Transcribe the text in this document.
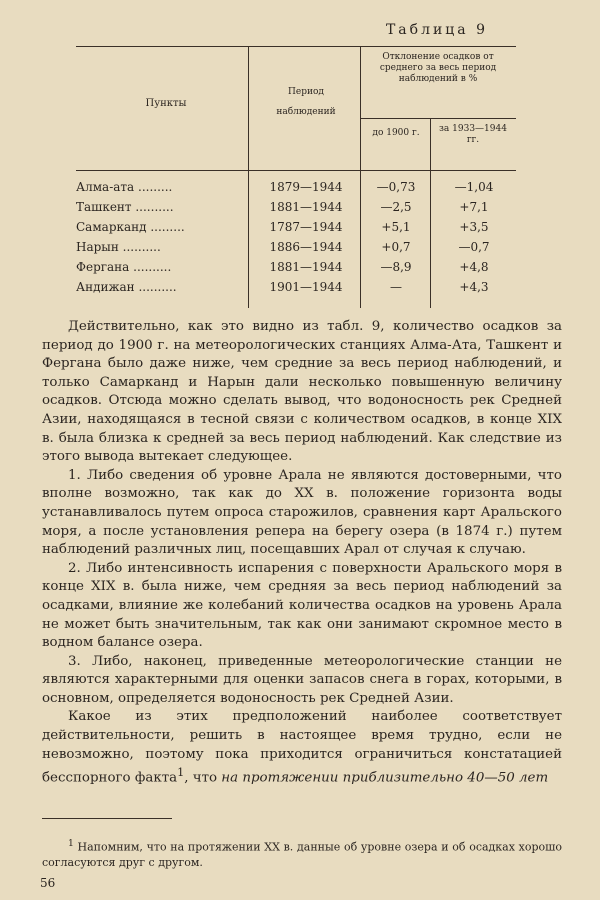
Таблица 9
Пункты
Период наблюдений
Отклонение осадков от среднего за весь период наблюдений в %
до 1900 г.	за 1933—1944 гг.
Алма-ата .........	1879—1944	—0,73	—1,04
Ташкент ..........	1881—1944	—2,5	+7,1
Самарканд .........	1787—1944	+5,1	+3,5
Нарын ..........	1886—1944	+0,7	—0,7
Фергана ..........	1881—1944	—8,9	+4,8
Андижан ..........	1901—1944	—	+4,3

Действительно, как это видно из табл. 9, количество осадков за период до 1900 г. на метеорологических станциях Алма-Ата, Ташкент и Фергана было даже ниже, чем средние за весь период наблюдений, и только Самарканд и Нарын дали несколько повышенную величину осадков. Отсюда можно сделать вывод, что водоносность рек Средней Азии, находящаяся в тесной связи с количеством осадков, в конце XIX в. была близка к средней за весь период наблюдений. Как следствие из этого вывода вытекает следующее.

1. Либо сведения об уровне Арала не являются достоверными, что вполне возможно, так как до XX в. положение горизонта воды устанавливалось путем опроса старожилов, сравнения карт Аральского моря, а после установления репера на берегу озера (в 1874 г.) путем наблюдений различных лиц, посещавших Арал от случая к случаю.

2. Либо интенсивность испарения с поверхности Аральского моря в конце XIX в. была ниже, чем средняя за весь период наблюдений за осадками, влияние же колебаний количества осадков на уровень Арала не может быть значительным, так как они занимают скромное место в водном балансе озера.

3. Либо, наконец, приведенные метеорологические станции не являются характерными для оценки запасов снега в горах, которыми, в основном, определяется водоносность рек Средней Азии.

Какое из этих предположений наиболее соответствует действительности, решить в настоящее время трудно, если не невозможно, поэтому пока приходится ограничиться констатацией бесспорного факта$^1$, что на протяжении приблизительно 40—50 лет

$^1$ Напомним, что на протяжении XX в. данные об уровне озера и об осадках хорошо согласуются друг с другом.
56
